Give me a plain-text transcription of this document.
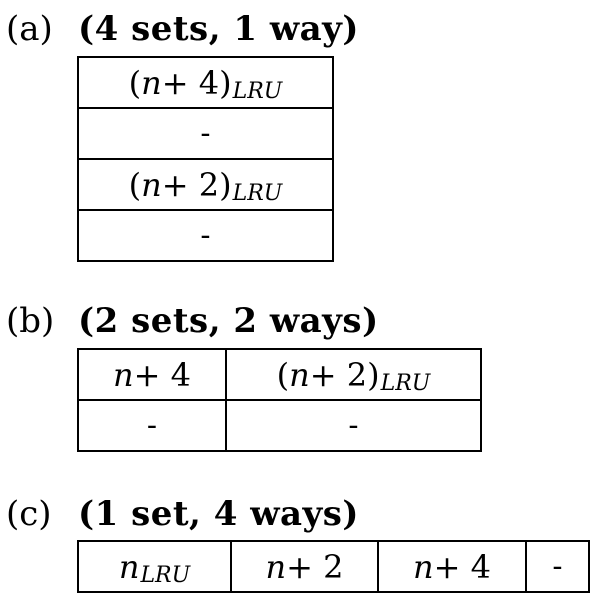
(a) (4 sets, 1 way)
( n + 4 ) LRU
-
( n + 2 ) LRU
-
(b) (2 sets, 2 ways)
n + 4	( n + 2 ) LRU
-	-
(c) (1 set, 4 ways)
n LRU n + 2 n + 4 -
